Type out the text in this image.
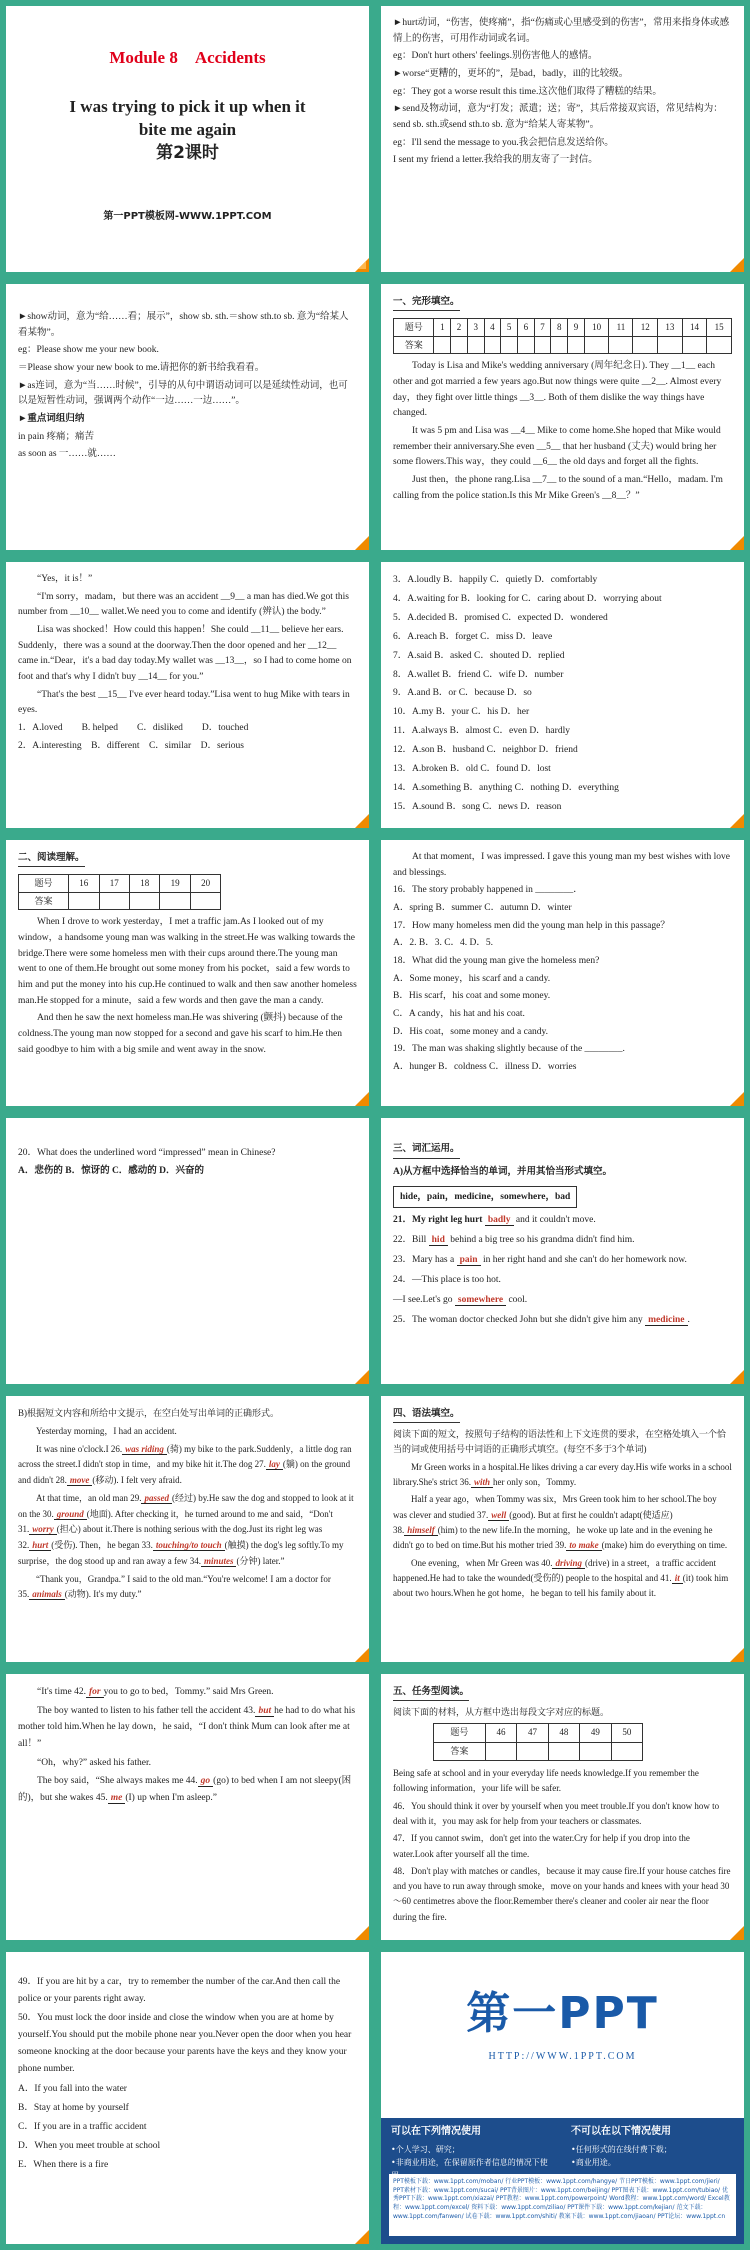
Module 8　Accidents
I was trying to pick it up when it
bite me again
第2课时
第一PPT模板网-WWW.1PPT.COM

►hurt动词，“伤害，使疼痛”，指“伤痛或心里感受到的伤害”，常用来指身体或感情上的伤害，可用作动词或名词。

eg：Don't hurt others' feelings.别伤害他人的感情。

►worse“更糟的，更坏的”，是bad，badly，ill的比较级。

eg：They got a worse result this time.这次他们取得了糟糕的结果。

►send及物动词，意为“打发；派遣；送；寄”，其后常接双宾语，常见结构为：send sb. sth.或send sth.to sb. 意为“给某人寄某物”。

eg：I'll send the message to you.我会把信息发送给你。

I sent my friend a letter.我给我的朋友寄了一封信。

►show动词，意为“给……看；展示”，show sb. sth.＝show sth.to sb. 意为“给某人看某物”。

eg：Please show me your new book.

＝Please show your new book to me.请把你的新书给我看看。

►as连词，意为“当……时候”，引导的从句中谓语动词可以是延续性动词，也可以是短暂性动词，强调两个动作“一边……一边……”。

►重点词组归纳

in pain 疼痛；痛苦

as soon as 一……就……

一、完形填空。
题号	1	2	3	4	5	6	7	8	9	10	11	12	13	14	15
答案															

Today is Lisa and Mike's wedding anniversary (周年纪念日). They __1__ each other and got married a few years ago.But now things were quite __2__. Almost every day，they fight over little things __3__. Both of them dislike the way things have changed.

It was 5 pm and Lisa was __4__ Mike to come home.She hoped that Mike would remember their anniversary.She even __5__ that her husband (丈夫) would bring her some flowers.This way，they could __6__ the old days and forget all the fights.

Just then，the phone rang.Lisa __7__ to the sound of a man.“Hello，madam. I'm calling from the police station.Is this Mr Mike Green's __8__？”

“Yes，it is！”

“I'm sorry，madam，but there was an accident __9__ a man has died.We got this number from __10__ wallet.We need you to come and identify (辨认) the body.”

Lisa was shocked！How could this happen！She could __11__ believe her ears. Suddenly，there was a sound at the doorway.Then the door opened and her __12__ came in.“Dear，it's a bad day today.My wallet was __13__，so I had to come home on foot and that's why I didn't buy __14__ for you.”

“That's the best __15__ I've ever heard today.”Lisa went to hug Mike with tears in eyes.

1．A.loved　　B. helped　　C．disliked　　D．touched

2．A.interesting　B．different　C．similar　D．serious

3．A.loudly B．happily C．quietly D．comfortably

4．A.waiting for B．looking for C．caring about D．worrying about

5．A.decided B．promised C．expected D．wondered

6．A.reach B．forget C．miss D．leave

7．A.said B．asked C．shouted D．replied

8．A.wallet B．friend C．wife D．number

9．A.and B．or C．because D．so

10．A.my B．your C．his D．her

11．A.always B．almost C．even D．hardly

12．A.son B．husband C．neighbor D．friend

13．A.broken B．old C．found D．lost

14．A.something B．anything C．nothing D．everything

15．A.sound B．song C．news D．reason

二、阅读理解。
题号	16	17	18	19	20
答案					

When I drove to work yesterday，I met a traffic jam.As I looked out of my window，a handsome young man was walking in the street.He was walking towards the bridge.There were some homeless men with their cups around there.The young man went to one of them.He brought out some money from his pocket，said a few words to him and put the money into his cup.He continued to walk and then saw another homeless man.He stopped for a minute，said a few words and then gave the man a candy.

And then he saw the next homeless man.He was shivering (颤抖) because of the coldness.The young man now stopped for a second and gave his scarf to him.He then said goodbye to him with a big smile and went away in the snow.

At that moment，I was impressed. I gave this young man my best wishes with love and blessings.

16．The story probably happened in ________．

A．spring B．summer C．autumn D．winter

17．How many homeless men did the young man help in this passage？

A．2. B．3. C．4. D．5.

18．What did the young man give the homeless men?

A．Some money，his scarf and a candy.

B．His scarf，his coat and some money.

C．A candy，his hat and his coat.

D．His coat，some money and a candy.

19．The man was shaking slightly because of the ________.

A．hunger B．coldness C．illness D．worries

20．What does the underlined word “impressed” mean in Chinese?

A．悲伤的 B．惊讶的 C．感动的 D．兴奋的

三、词汇运用。

A)从方框中选择恰当的单词，并用其恰当形式填空。

hide，pain，medicine，somewhere，bad

21．My right leg hurt badly and it couldn't move.

22．Bill hid behind a big tree so his grandma didn't find him.

23．Mary has a pain in her right hand and she can't do her homework now.

24．—This place is too hot.

—I see.Let's go somewhere cool.

25．The woman doctor checked John but she didn't give him any medicine .

B)根据短文内容和所给中文提示，在空白处写出单词的正确形式。

Yesterday morning，I had an accident.

It was nine o'clock.I 26. was riding (骑) my bike to the park.Suddenly，a little dog ran across the street.I didn't stop in time，and my bike hit it.The dog 27. lay (躺) on the ground and didn't 28. move (移动). I felt very afraid.

At that time，an old man 29. passed (经过) by.He saw the dog and stopped to look at it on the 30. ground (地面). After checking it，he turned around to me and said，“Don't 31. worry (担心) about it.There is nothing serious with the dog.Just its right leg was 32. hurt (受伤). Then，he began 33. touching/to touch (触摸) the dog's leg softly.To my surprise，the dog stood up and ran away a few 34. minutes (分钟) later.”

“Thank you，Grandpa.” I said to the old man.“You're welcome! I am a doctor for 35. animals (动物). It's my duty.”

四、语法填空。

阅读下面的短文，按照句子结构的语法性和上下文连贯的要求，在空格处填入一个恰当的词或使用括号中词语的正确形式填空。(每空不多于3个单词)

Mr Green works in a hospital.He likes driving a car every day.His wife works in a school library.She's strict 36. with her only son，Tommy.

Half a year ago，when Tommy was six，Mrs Green took him to her school.The boy was clever and studied 37. well (good). But at first he couldn't adapt(使适应) 38. himself (him) to the new life.In the morning，he woke up late and in the evening he didn't go to bed on time.But his mother tried 39. to make (make) him do everything on time.

One evening，when Mr Green was 40. driving (drive) in a street，a traffic accident happened.He had to take the wounded(受伤的) people to the hospital and 41. it (it) took him about two hours.When he got home，he began to tell his family about it.

“It's time 42. for you to go to bed，Tommy.” said Mrs Green.

The boy wanted to listen to his father tell the accident 43. but he had to do what his mother told him.When he lay down，he said，“I don't think Mum can look after me at all！”

“Oh，why?” asked his father.

The boy said，“She always makes me 44. go (go) to bed when I am not sleepy(困的)，but she wakes 45. me (I) up when I'm asleep.”

五、任务型阅读。

阅读下面的材料，从方框中选出每段文字对应的标题。

题号	46	47	48	49	50
答案					

Being safe at school and in your everyday life needs knowledge.If you remember the following information，your life will be safer.

46．You should think it over by yourself when you meet trouble.If you don't know how to deal with it，you may ask for help from your teachers or classmates.

47．If you cannot swim，don't get into the water.Cry for help if you drop into the water.Look after yourself all the time.

48．Don't play with matches or candles，because it may cause fire.If your house catches fire and you have to run away through smoke，move on your hands and knees with your head 30～60 centimetres above the floor.Remember there's cleaner and cooler air near the floor during the fire.

49．If you are hit by a car，try to remember the number of the car.And then call the police or your parents right away.

50．You must lock the door inside and close the window when you are at home by yourself.You should put the mobile phone near you.Never open the door when you hear someone knocking at the door because your parents have the keys and they know your phone number.

A．If you fall into the water

B．Stay at home by yourself

C．If you are in a traffic accident

D．When you meet trouble at school

E．When there is a fire

第一PPT
HTTP://WWW.1PPT.COM
可以在下列情况使用
•个人学习、研究；
•非商业用途，在保留原作者信息的情况下使
不可以在以下情况使用
•任何形式的在线付费下载；
•商业用途。
PPT模板下载：www.1ppt.com/moban/ 行业PPT模板：www.1ppt.com/hangye/ 节日PPT模板：www.1ppt.com/jieri/ PPT素材下载：www.1ppt.com/sucai/ PPT背景图片：www.1ppt.com/beijing/ PPT图表下载：www.1ppt.com/tubiao/ 优秀PPT下载：www.1ppt.com/xiazai/ PPT教程：www.1ppt.com/powerpoint/ Word教程：www.1ppt.com/word/ Excel教程：www.1ppt.com/excel/ 资料下载：www.1ppt.com/ziliao/ PPT课件下载：www.1ppt.com/kejian/ 范文下载：www.1ppt.com/fanwen/ 试卷下载：www.1ppt.com/shiti/ 教案下载：www.1ppt.com/jiaoan/ PPT论坛：www.1ppt.cn
